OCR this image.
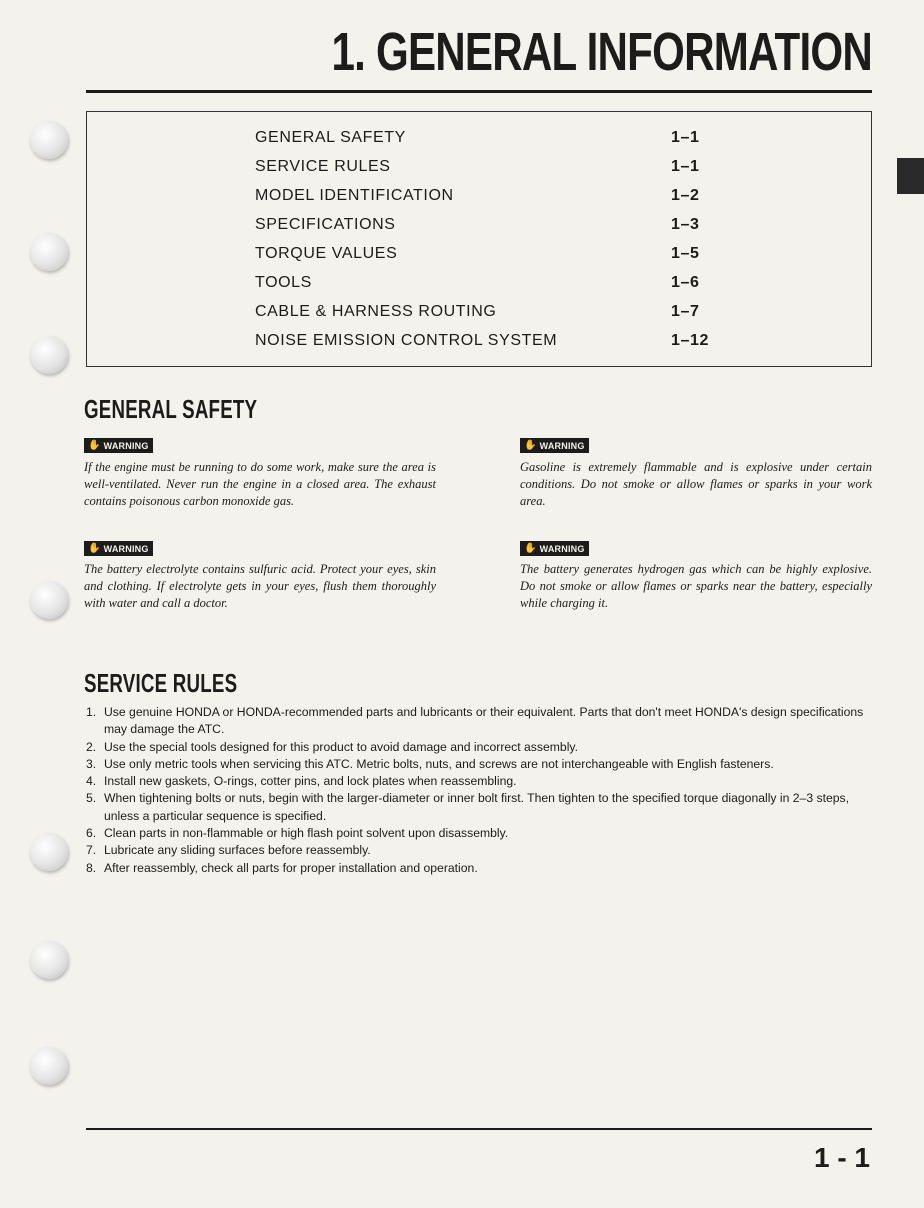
1. GENERAL INFORMATION
GENERAL SAFETY	1–1
SERVICE RULES	1–1
MODEL IDENTIFICATION	1–2
SPECIFICATIONS	1–3
TORQUE VALUES	1–5
TOOLS	1–6
CABLE & HARNESS ROUTING	1–7
NOISE EMISSION CONTROL SYSTEM	1–12
GENERAL SAFETY
✋ WARNING

If the engine must be running to do some work, make sure the area is well-ventilated. Never run the engine in a closed area. The exhaust contains poisonous carbon monoxide gas.

✋ WARNING

Gasoline is extremely flammable and is explosive under certain conditions. Do not smoke or allow flames or sparks in your work area.

✋ WARNING

The battery electrolyte contains sulfuric acid. Protect your eyes, skin and clothing. If electrolyte gets in your eyes, flush them thoroughly with water and call a doctor.

✋ WARNING

The battery generates hydrogen gas which can be highly explosive. Do not smoke or allow flames or sparks near the battery, especially while charging it.

SERVICE RULES
1. Use genuine HONDA or HONDA-recommended parts and lubricants or their equivalent. Parts that don't meet HONDA's design specifications may damage the ATC.
2. Use the special tools designed for this product to avoid damage and incorrect assembly.
3. Use only metric tools when servicing this ATC. Metric bolts, nuts, and screws are not interchangeable with English fasteners.
4. Install new gaskets, O-rings, cotter pins, and lock plates when reassembling.
5. When tightening bolts or nuts, begin with the larger-diameter or inner bolt first. Then tighten to the specified torque diagonally in 2–3 steps, unless a particular sequence is specified.
6. Clean parts in non-flammable or high flash point solvent upon disassembly.
7. Lubricate any sliding surfaces before reassembly.
8. After reassembly, check all parts for proper installation and operation.
1 - 1
